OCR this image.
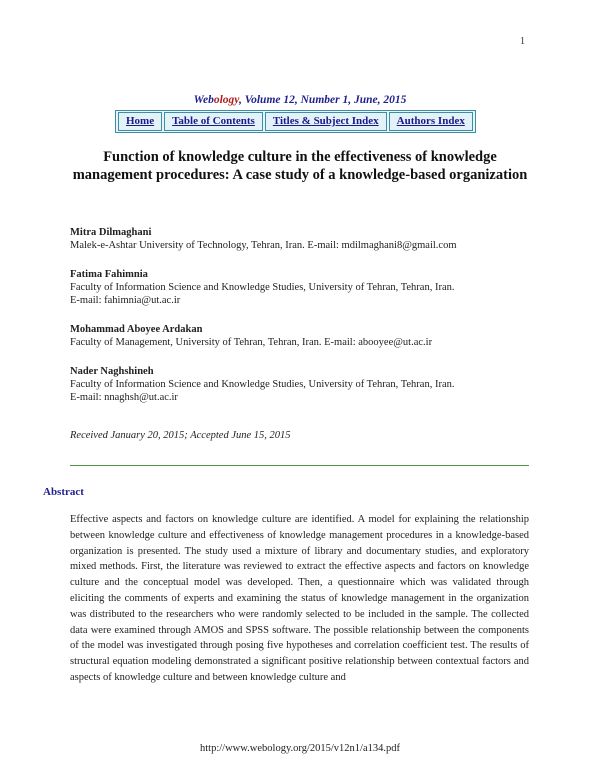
1
Webology, Volume 12, Number 1, June, 2015
Home	Table of Contents	Titles & Subject Index	Authors Index
Function of knowledge culture in the effectiveness of knowledge management procedures: A case study of a knowledge-based organization
Mitra Dilmaghani
Malek-e-Ashtar University of Technology, Tehran, Iran. E-mail: mdilmaghani8@gmail.com
Fatima Fahimnia
Faculty of Information Science and Knowledge Studies, University of Tehran, Tehran, Iran.
E-mail: fahimnia@ut.ac.ir
Mohammad Aboyee Ardakan
Faculty of Management, University of Tehran, Tehran, Iran. E-mail: abooyee@ut.ac.ir
Nader Naghshineh
Faculty of Information Science and Knowledge Studies, University of Tehran, Tehran, Iran.
E-mail: nnaghsh@ut.ac.ir
Received January 20, 2015; Accepted June 15, 2015
Abstract
Effective aspects and factors on knowledge culture are identified. A model for explaining the relationship between knowledge culture and effectiveness of knowledge management procedures in a knowledge-based organization is presented. The study used a mixture of library and documentary studies, and exploratory mixed methods. First, the literature was reviewed to extract the effective aspects and factors on knowledge culture and the conceptual model was developed. Then, a questionnaire which was validated through eliciting the comments of experts and examining the status of knowledge management in the organization was distributed to the researchers who were randomly selected to be included in the sample. The collected data were examined through AMOS and SPSS software. The possible relationship between the components of the model was investigated through posing five hypotheses and correlation coefficient test. The results of structural equation modeling demonstrated a significant positive relationship between contextual factors and aspects of knowledge culture and between knowledge culture and
http://www.webology.org/2015/v12n1/a134.pdf
